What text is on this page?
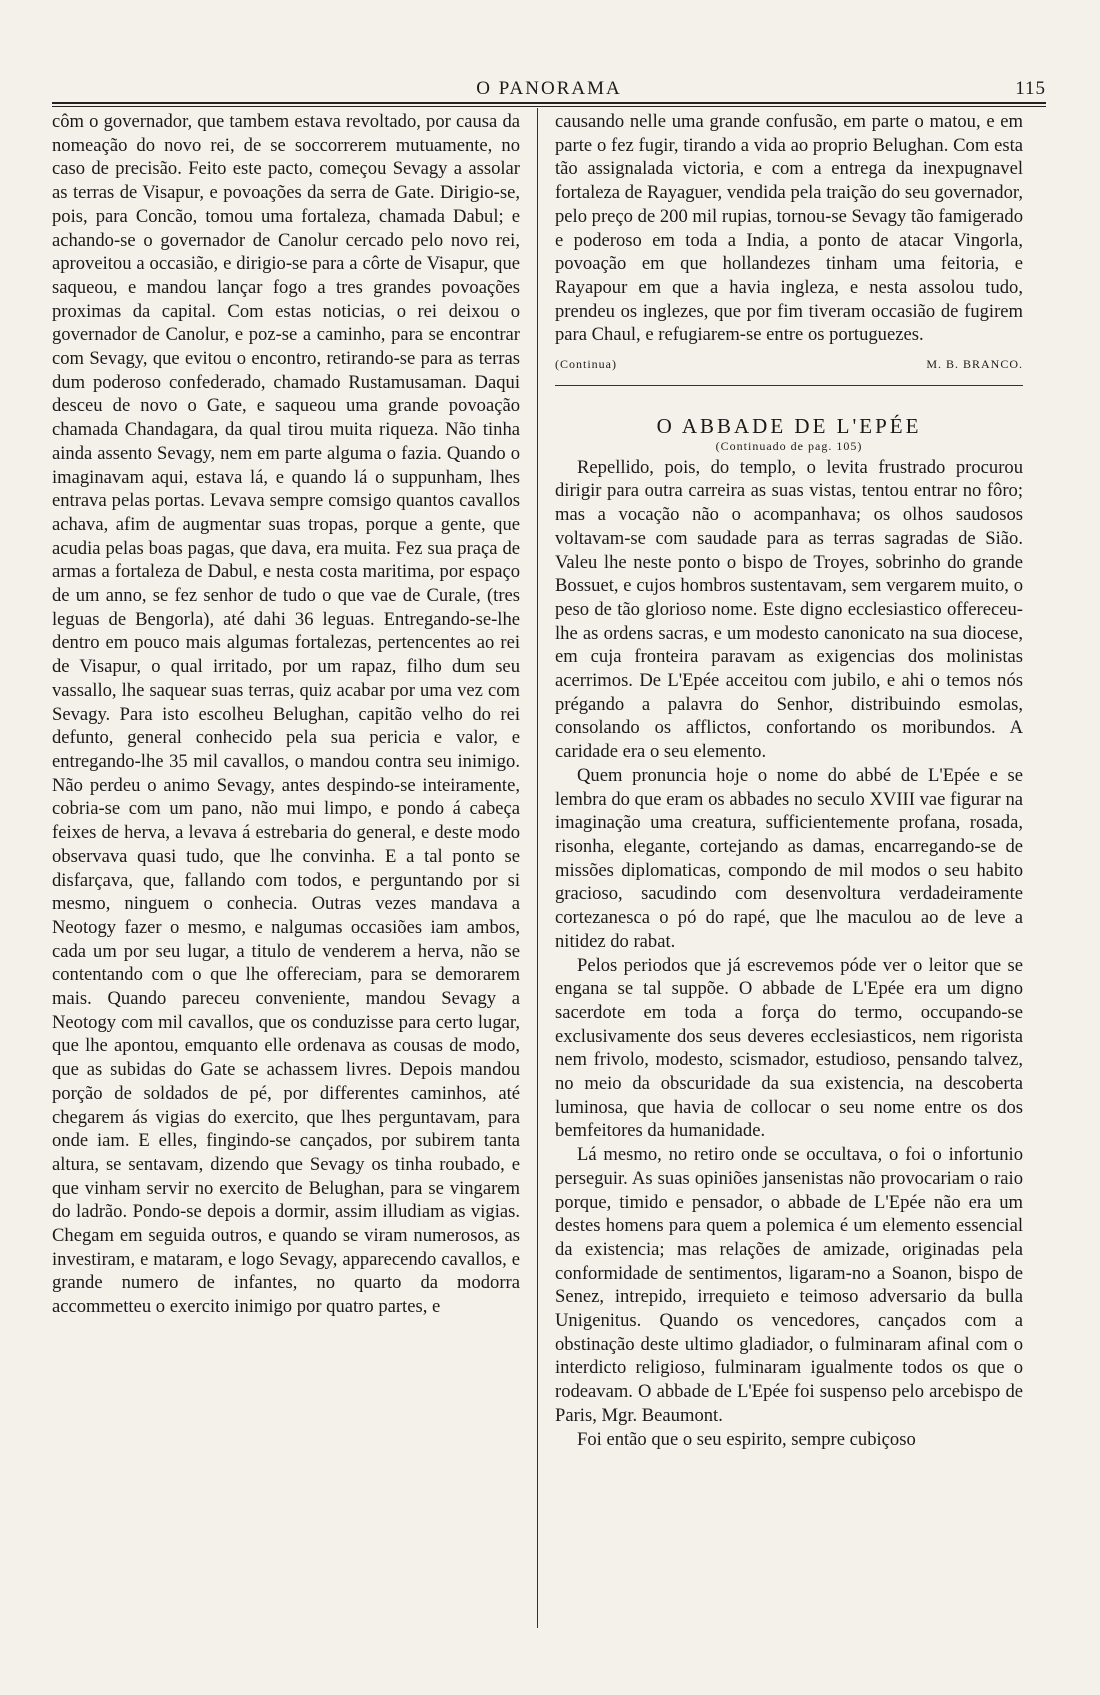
O PANORAMA	115

côm o governador, que tambem estava revoltado, por causa da nomeação do novo rei, de se soccorrerem mutuamente, no caso de precisão. Feito este pacto, começou Sevagy a assolar as terras de Visapur, e povoações da serra de Gate. Dirigio-se, pois, para Concão, tomou uma fortaleza, chamada Dabul; e achando-se o governador de Canolur cercado pelo novo rei, aproveitou a occasião, e dirigio-se para a côrte de Visapur, que saqueou, e mandou lançar fogo a tres grandes povoações proximas da capital. Com estas noticias, o rei deixou o governador de Canolur, e poz-se a caminho, para se encontrar com Sevagy, que evitou o encontro, retirando-se para as terras dum poderoso confederado, chamado Rustamusaman. Daqui desceu de novo o Gate, e saqueou uma grande povoação chamada Chandagara, da qual tirou muita riqueza. Não tinha ainda assento Sevagy, nem em parte alguma o fazia. Quando o imaginavam aqui, estava lá, e quando lá o suppunham, lhes entrava pelas portas. Levava sempre comsigo quantos cavallos achava, afim de augmentar suas tropas, porque a gente, que acudia pelas boas pagas, que dava, era muita. Fez sua praça de armas a fortaleza de Dabul, e nesta costa maritima, por espaço de um anno, se fez senhor de tudo o que vae de Curale, (tres leguas de Bengorla), até dahi 36 leguas. Entregando-se-lhe dentro em pouco mais algumas fortalezas, pertencentes ao rei de Visapur, o qual irritado, por um rapaz, filho dum seu vassallo, lhe saquear suas terras, quiz acabar por uma vez com Sevagy. Para isto escolheu Belughan, capitão velho do rei defunto, general conhecido pela sua pericia e valor, e entregando-lhe 35 mil cavallos, o mandou contra seu inimigo. Não perdeu o animo Sevagy, antes despindo-se inteiramente, cobria-se com um pano, não mui limpo, e pondo á cabeça feixes de herva, a levava á estrebaria do general, e deste modo observava quasi tudo, que lhe convinha. E a tal ponto se disfarçava, que, fallando com todos, e perguntando por si mesmo, ninguem o conhecia. Outras vezes mandava a Neotogy fazer o mesmo, e nalgumas occasiões iam ambos, cada um por seu lugar, a titulo de venderem a herva, não se contentando com o que lhe offereciam, para se demorarem mais. Quando pareceu conveniente, mandou Sevagy a Neotogy com mil cavallos, que os conduzisse para certo lugar, que lhe apontou, emquanto elle ordenava as cousas de modo, que as subidas do Gate se achassem livres. Depois mandou porção de soldados de pé, por differentes caminhos, até chegarem ás vigias do exercito, que lhes perguntavam, para onde iam. E elles, fingindo-se cançados, por subirem tanta altura, se sentavam, dizendo que Sevagy os tinha roubado, e que vinham servir no exercito de Belughan, para se vingarem do ladrão. Pondo-se depois a dormir, assim illudiam as vigias. Chegam em seguida outros, e quando se viram numerosos, as investiram, e mataram, e logo Sevagy, apparecendo cavallos, e grande numero de infantes, no quarto da modorra accommetteu o exercito inimigo por quatro partes, e

causando nelle uma grande confusão, em parte o matou, e em parte o fez fugir, tirando a vida ao proprio Belughan. Com esta tão assignalada victoria, e com a entrega da inexpugnavel fortaleza de Rayaguer, vendida pela traição do seu governador, pelo preço de 200 mil rupias, tornou-se Sevagy tão famigerado e poderoso em toda a India, a ponto de atacar Vingorla, povoação em que hollandezes tinham uma feitoria, e Rayapour em que a havia ingleza, e nesta assolou tudo, prendeu os inglezes, que por fim tiveram occasião de fugirem para Chaul, e refugiarem-se entre os portuguezes.

(Continua)	M. B. BRANCO.
O ABBADE DE L'EPÉE
(Continuado de pag. 105)

Repellido, pois, do templo, o levita frustrado procurou dirigir para outra carreira as suas vistas, tentou entrar no fôro; mas a vocação não o acompanhava; os olhos saudosos voltavam-se com saudade para as terras sagradas de Sião. Valeu lhe neste ponto o bispo de Troyes, sobrinho do grande Bossuet, e cujos hombros sustentavam, sem vergarem muito, o peso de tão glorioso nome. Este digno ecclesiastico offereceu-lhe as ordens sacras, e um modesto canonicato na sua diocese, em cuja fronteira paravam as exigencias dos molinistas acerrimos. De L'Epée acceitou com jubilo, e ahi o temos nós prégando a palavra do Senhor, distribuindo esmolas, consolando os afflictos, confortando os moribundos. A caridade era o seu elemento.

Quem pronuncia hoje o nome do abbé de L'Epée e se lembra do que eram os abbades no seculo XVIII vae figurar na imaginação uma creatura, sufficientemente profana, rosada, risonha, elegante, cortejando as damas, encarregando-se de missões diplomaticas, compondo de mil modos o seu habito gracioso, sacudindo com desenvoltura verdadeiramente cortezanesca o pó do rapé, que lhe maculou ao de leve a nitidez do rabat.

Pelos periodos que já escrevemos póde ver o leitor que se engana se tal suppõe. O abbade de L'Epée era um digno sacerdote em toda a força do termo, occupando-se exclusivamente dos seus deveres ecclesiasticos, nem rigorista nem frivolo, modesto, scismador, estudioso, pensando talvez, no meio da obscuridade da sua existencia, na descoberta luminosa, que havia de collocar o seu nome entre os dos bemfeitores da humanidade.

Lá mesmo, no retiro onde se occultava, o foi o infortunio perseguir. As suas opiniões jansenistas não provocariam o raio porque, timido e pensador, o abbade de L'Epée não era um destes homens para quem a polemica é um elemento essencial da existencia; mas relações de amizade, originadas pela conformidade de sentimentos, ligaram-no a Soanon, bispo de Senez, intrepido, irrequieto e teimoso adversario da bulla Unigenitus. Quando os vencedores, cançados com a obstinação deste ultimo gladiador, o fulminaram afinal com o interdicto religioso, fulminaram igualmente todos os que o rodeavam. O abbade de L'Epée foi suspenso pelo arcebispo de Paris, Mgr. Beaumont.

Foi então que o seu espirito, sempre cubiçoso
